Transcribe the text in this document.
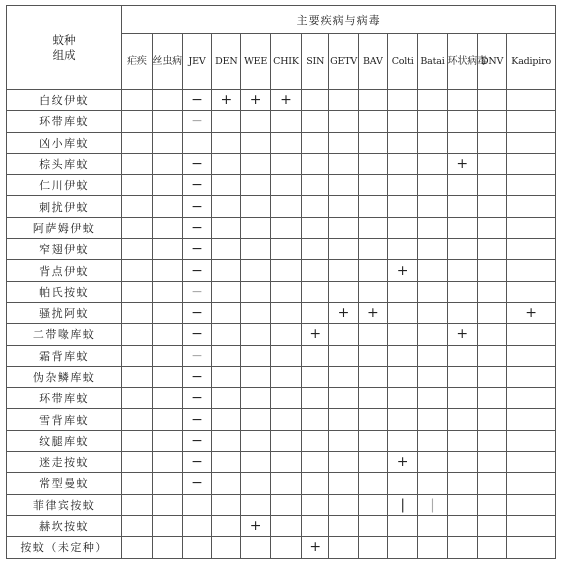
蚊种
组成	主要疾病与病毒													
	疟疾	丝虫病	JEV	DEN	WEE	CHIK	SIN	GETV	BAV	Colti	Batai	环状病毒	DNV	Kadipiro
白纹伊蚊			−	+	+	+								
环带库蚊			−											
凶小库蚊														
棕头库蚊			−									+		
仁川伊蚊			−											
刺扰伊蚊			−											
阿萨姆伊蚊			−											
窄翅伊蚊			−											
背点伊蚊			−							+				
帕氏按蚊			−											
骚扰阿蚊			−					+	+					+
二带喙库蚊			−				+					+		
霜背库蚊			−											
伪杂鳞库蚊			−											
环带库蚊			−											
雪背库蚊			−											
纹腿库蚊			−											
迷走按蚊			−							+				
常型曼蚊			−											
菲律宾按蚊										|	|			
赫坎按蚊					+									
按蚊（未定种）							+							
